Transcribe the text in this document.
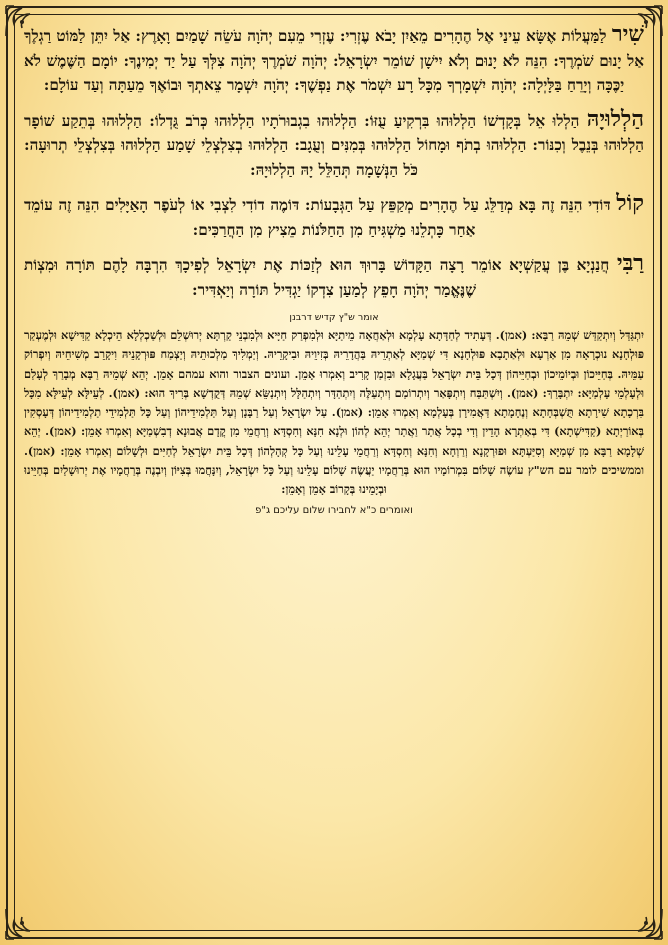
שִׁיר לַמַּעֲלוֹת אֶשָּׂא עֵינַי אֶל הֶהָרִים מֵאַיִן יָבֹא עֶזְרִי: עֶזְרִי מֵעִם יְהֹוָה עֹשֵׂה שָׁמַיִם וָאָרֶץ: אַל יִתֵּן לַמּוֹט רַגְלֶךָ אַל יָנוּם שֹׁמְרֶךָ: הִנֵּה לֹא יָנוּם וְלֹא יִישָׁן שׁוֹמֵר יִשְׂרָאֵל: יְהֹוָה שֹׁמְרֶךָ יְהֹוָה צִלְּךָ עַל יַד יְמִינֶךָ: יוֹמָם הַשֶּׁמֶשׁ לֹא יַכֶּכָּה וְיָרֵחַ בַּלָּיְלָה: יְהֹוָה יִשְׁמָרְךָ מִכָּל רָע יִשְׁמֹר אֶת נַפְשֶׁךָ: יְהֹוָה יִשְׁמָר צֵאתְךָ וּבוֹאֶךָ מֵעַתָּה וְעַד עוֹלָם:

הַלְלוּיָהּ הַלְלוּ אֵל בְּקָדְשׁוֹ הַלְלוּהוּ בִּרְקִיעַ עֻזּוֹ: הַלְלוּהוּ בִגְבוּרֹתָיו הַלְלוּהוּ כְּרֹב גֻּדְלוֹ: הַלְלוּהוּ בְּתֵקַע שׁוֹפָר הַלְלוּהוּ בְּנֵבֶל וְכִנּוֹר: הַלְלוּהוּ בְתֹף וּמָחוֹל הַלְלוּהוּ בְּמִנִּים וְעֻגָב: הַלְלוּהוּ בְצִלְצְלֵי שָׁמַע הַלְלוּהוּ בְּצִלְצְלֵי תְרוּעָה: כֹּל הַנְּשָׁמָה תְּהַלֵּל יָהּ הַלְלוּיָהּ:

קוֹל דּוֹדִי הִנֵּה זֶה בָּא מְדַלֵּג עַל הֶהָרִים מְקַפֵּץ עַל הַגְּבָעוֹת: דּוֹמֶה דוֹדִי לִצְבִי אוֹ לְעֹפֶר הָאַיָּלִים הִנֵּה זֶה עוֹמֵד אַחַר כָּתְלֵנוּ מַשְׁגִּיחַ מִן הַחַלֹּנוֹת מֵצִיץ מִן הַחֲרַכִּים:

רַבִּי חֲנַנְיָא בֶּן עֲקַשְׁיָא אוֹמֵר רָצָה הַקָּדוֹשׁ בָּרוּךְ הוּא לְזַכּוֹת אֶת יִשְׂרָאֵל לְפִיכָךְ הִרְבָּה לָהֶם תּוֹרָה וּמִצְוֹת שֶׁנֶּאֱמַר יְהֹוָה חָפֵץ לְמַעַן צִדְקוֹ יַגְדִּיל תּוֹרָה וְיַאְדִּיר:

אומר ש"ץ קדיש דרבנן

יִתְגַּדַּל וְיִתְקַדַּשׁ שְׁמֵהּ רַבָּא: (אמן). דְּעָתִיד לְחַדָּתָא עָלְמָא וּלְאַחֲאָה מֵיתַיָּא וּלְמִפְרַק חַיָּיא וּלְמִבְנֵי קַרְתָּא יְרוּשְׁלֵם וּלְשַׁכְלְלָא הֵיכְלָא קַדִּישָׁא וּלְמֶעְקַר פּוּלְחָנָא נוּכְרָאָה מִן אַרְעָא וּלְאַתָבָא פּוּלְחָנָא דִּי שְׁמַיָּא לְאַתְרֵיהּ בַּהֲדָרֵיהּ בְּזִיוֵיהּ וּבִיקָרֵיהּ. וְיַמְלִיךְ מַלְכוּתֵיהּ וְיַצְמַח פּוּרְקָנֵיהּ וִיקָרֵב מְשִׁיחֵיהּ וְיִפְרוֹק עַמֵּיהּ. בְּחַיֵּיכוֹן וּבְיוֹמֵיכוֹן וּבְחַיֵּיהוֹן דְּכָל בֵּית יִשְׂרָאֵל בַּעֲגָלָא וּבִזְמַן קָרִיב וְאִמְרוּ אָמֵן. ועונים הצבור והוא עמהם אָמֵן. יְהֵא שְׁמֵיהּ רַבָּא מְבָרַךְ לְעָלַם וּלְעָלְמֵי עָלְמַיָּא: יִתְבָּרַךְ: (אמן). וְיִשְׁתַּבַּח וְיִתְפָּאַר וְיִתְרוֹמַם וְיִתְעַלֶּה וְיִתְהַדָּר וְיִתְהַלָּל וְיִתְנַשֵּׂא שְׁמֵהּ דְּקֻדְשָׁא בְּרִיךְ הוּא: (אמן). לְעֵילָּא לְעֵילָּא מִכָּל בִּרְכָתָא שִׁירָתָא תֻּשְׁבְּחָתָא וְנֶחָמָתָא דַּאֲמִירָן בְּעָלְמָא וְאִמְרוּ אָמֵן: (אמן). עַל יִשְׂרָאֵל וְעַל רַבָּנָן וְעַל תַּלְמִידֵיהוֹן וְעַל כָּל תַּלְמִידֵי תַלְמִידֵיהוֹן דְּעָסְקִין בְּאוֹרַיְתָא (קַדִּישְׁתָא) דִּי בְאַתְרָא הָדֵין וְדִי בְכָל אֲתַר וַאֲתַר יְהֵא לְהוֹן וּלְנָא חִנָּא וְחִסְדָּא וְרַחֲמֵי מִן קֳדָם אֲבוּנָא דְבִשְׁמַיָּא וְאִמְרוּ אָמֵן: (אמן). יְהֵא שְׁלָמָא רַבָּא מִן שְׁמַיָּא וְסִיַּעְתָּא וּפוּרְקָנָא וְרַוְחָא וְחִנָּא וְחִסְדָּא וְרַחֲמֵי עָלֵינוּ וְעַל כָּל קְהָלְהוֹן דְּכָל בֵּית יִשְׂרָאֵל לְחַיִּים וּלְשָׁלוֹם וְאִמְרוּ אָמֵן: (אמן). וממשיכים לומר עם הש"ץ עוֹשֶׂה שָׁלוֹם בִּמְרוֹמָיו הוּא בְּרַחֲמָיו יַעֲשֶׂה שָׁלוֹם עָלֵינוּ וְעַל כָּל יִשְׂרָאֵל, וְיִנָּחֲמוּ בְּצִיּוֹן וְיִבְנֶה בְּרַחֲמָיו אֶת יְרוּשָׁלַיִם בְּחַיֵּינוּ וּבְיָמֵינוּ בְּקָרוֹב אָמֵן וְאָמֵן:

ואומרים כ"א לחבירו שלום עליכם ג"פ
